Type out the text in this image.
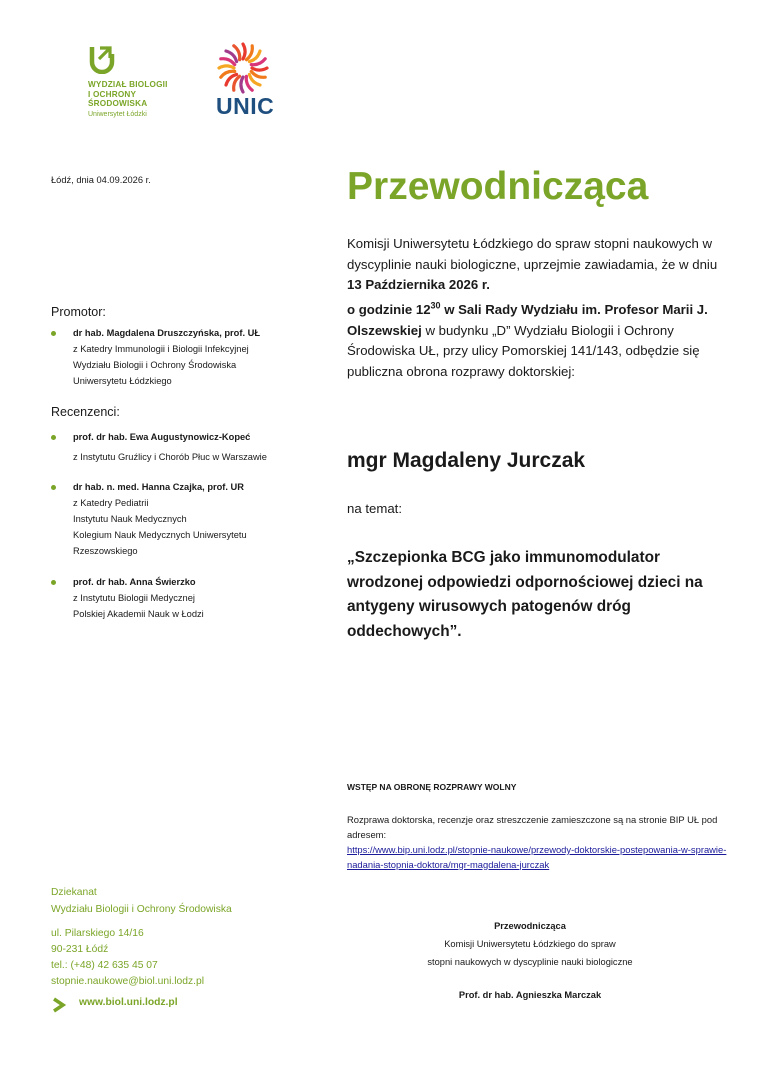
WYDZIAŁ BIOLOGII
I OCHRONY
ŚRODOWISKA
Uniwersytet Łódzki	UNIC
Łódź, dnia 04.09.2026 r.
Promotor:
dr hab. Magdalena Druszczyńska, prof. UŁ
z Katedry Immunologii i Biologii Infekcyjnej
Wydziału Biologii i Ochrony Środowiska
Uniwersytetu Łódzkiego
Recenzenci:
prof. dr hab. Ewa Augustynowicz-Kopeć
z Instytutu Gruźlicy i Chorób Płuc w Warszawie
dr hab. n. med. Hanna Czajka, prof. UR
z Katedry Pediatrii
Instytutu Nauk Medycznych
Kolegium Nauk Medycznych Uniwersytetu
Rzeszowskiego
prof. dr hab. Anna Świerzko
z Instytutu Biologii Medycznej
Polskiej Akademii Nauk w Łodzi
Przewodnicząca
Komisji Uniwersytetu Łódzkiego do spraw stopni naukowych w dyscyplinie nauki biologiczne, uprzejmie zawiadamia, że w dniu 13 Października 2026 r.
o godzinie $12^{30}$ w Sali Rady Wydziału im. Profesor Marii J. Olszewskiej w budynku „D” Wydziału Biologii i Ochrony Środowiska UŁ, przy ulicy Pomorskiej 141/143, odbędzie się publiczna obrona rozprawy doktorskiej:
mgr Magdaleny Jurczak
na temat:
„Szczepionka BCG jako immunomodulator wrodzonej odpowiedzi odpornościowej dzieci na antygeny wirusowych patogenów dróg oddechowych”.
WSTĘP NA OBRONĘ ROZPRAWY WOLNY
Rozprawa doktorska, recenzje oraz streszczenie zamieszczone są na stronie BIP UŁ pod adresem:
https://www.bip.uni.lodz.pl/stopnie-naukowe/przewody-doktorskie-postepowania-w-sprawie-nadania-stopnia-doktora/mgr-magdalena-jurczak
Przewodnicząca
Komisji Uniwersytetu Łódzkiego do spraw
stopni naukowych w dyscyplinie nauki biologiczne
Prof. dr hab. Agnieszka Marczak
Dziekanat
Wydziału Biologii i Ochrony Środowiska
ul. Pilarskiego 14/16
90-231 Łódź
tel.: (+48) 42 635 45 07
stopnie.naukowe@biol.uni.lodz.pl
www.biol.uni.lodz.pl
